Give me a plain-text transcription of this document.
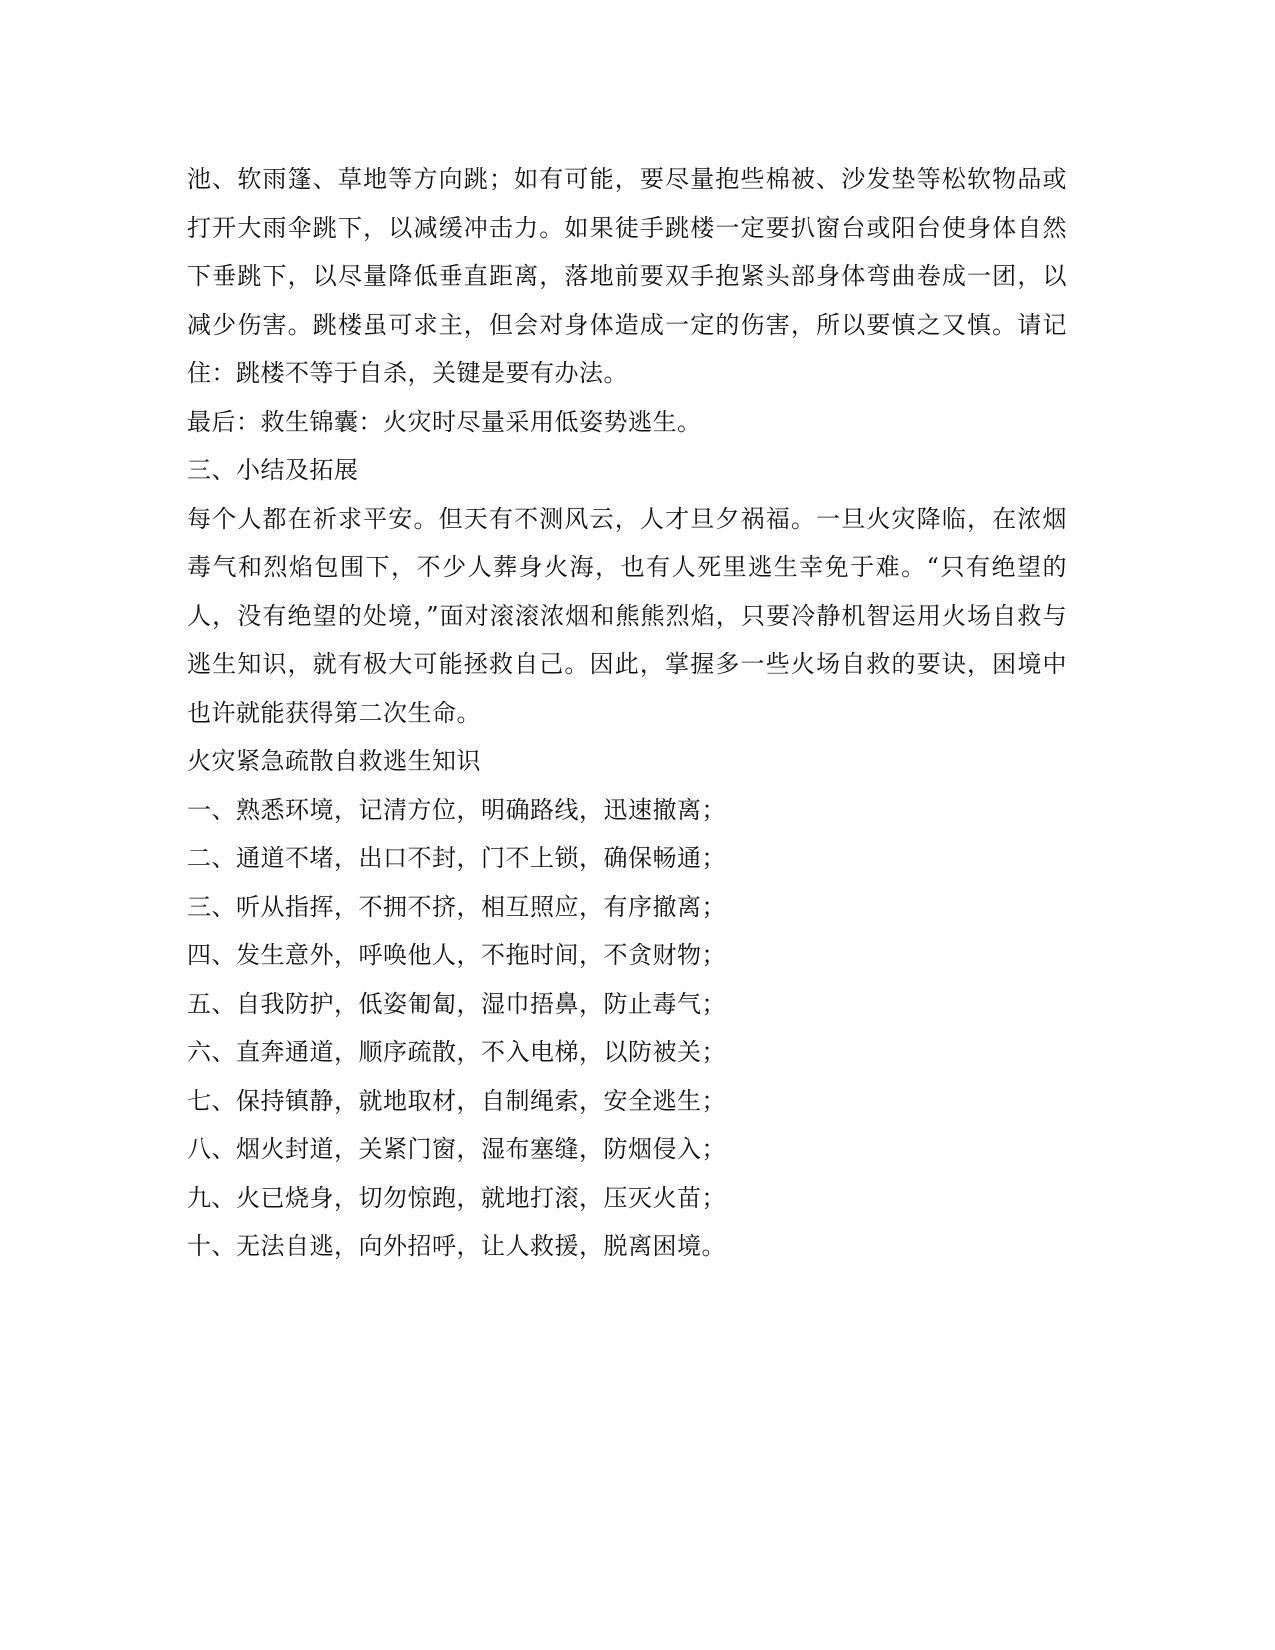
池、软雨篷、草地等方向跳；如有可能，要尽量抱些棉被、沙发垫等松软物品或打开大雨伞跳下，以减缓冲击力。如果徒手跳楼一定要扒窗台或阳台使身体自然下垂跳下，以尽量降低垂直距离，落地前要双手抱紧头部身体弯曲卷成一团，以减少伤害。跳楼虽可求主，但会对身体造成一定的伤害，所以要慎之又慎。请记住：跳楼不等于自杀，关键是要有办法。

最后：救生锦囊：火灾时尽量采用低姿势逃生。

三、小结及拓展

每个人都在祈求平安。但天有不测风云，人才旦夕祸福。一旦火灾降临，在浓烟毒气和烈焰包围下，不少人葬身火海，也有人死里逃生幸免于难。“只有绝望的人，没有绝望的处境，”面对滚滚浓烟和熊熊烈焰，只要冷静机智运用火场自救与逃生知识，就有极大可能拯救自己。因此，掌握多一些火场自救的要诀，困境中也许就能获得第二次生命。

火灾紧急疏散自救逃生知识

一、熟悉环境，记清方位，明确路线，迅速撤离；

二、通道不堵，出口不封，门不上锁，确保畅通；

三、听从指挥，不拥不挤，相互照应，有序撤离；

四、发生意外，呼唤他人，不拖时间，不贪财物；

五、自我防护，低姿匍匐，湿巾捂鼻，防止毒气；

六、直奔通道，顺序疏散，不入电梯，以防被关；

七、保持镇静，就地取材，自制绳索，安全逃生；

八、烟火封道，关紧门窗，湿布塞缝，防烟侵入；

九、火已烧身，切勿惊跑，就地打滚，压灭火苗；

十、无法自逃，向外招呼，让人救援，脱离困境。
